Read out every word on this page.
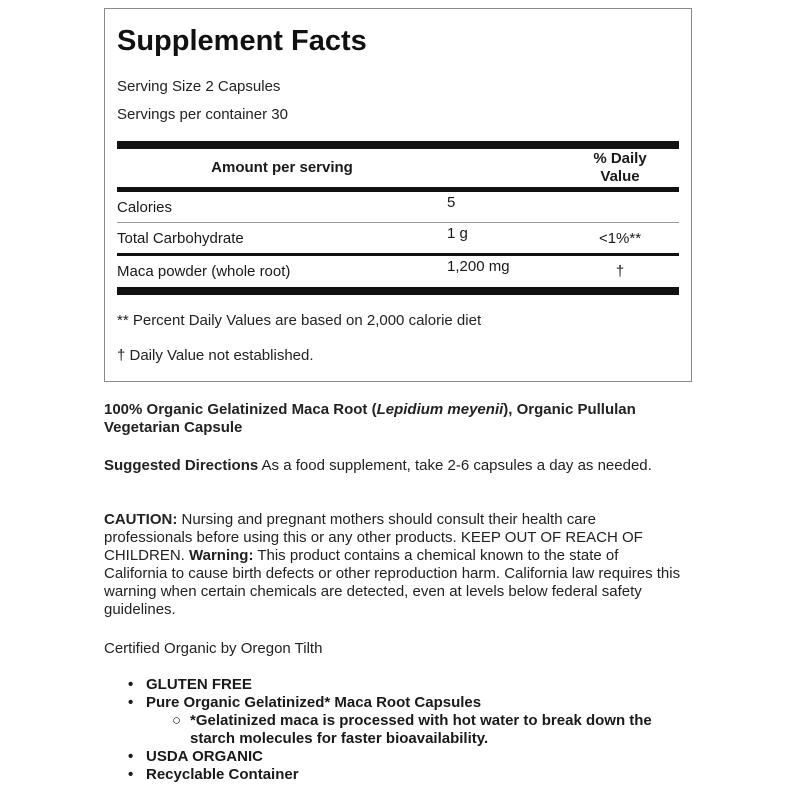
Supplement Facts
Serving Size 2 Capsules
Servings per container 30
Amount per serving
% Daily
Value
Calories	5
Total Carbohydrate	1 g	<1%**
Maca powder (whole root)	1,200 mg	†
** Percent Daily Values are based on 2,000 calorie diet
† Daily Value not established.
100% Organic Gelatinized Maca Root (Lepidium meyenii), Organic Pullulan Vegetarian Capsule
Suggested Directions As a food supplement, take 2-6 capsules a day as needed.
CAUTION: Nursing and pregnant mothers should consult their health care professionals before using this or any other products. KEEP OUT OF REACH OF CHILDREN. Warning: This product contains a chemical known to the state of California to cause birth defects or other reproduction harm. California law requires this warning when certain chemicals are detected, even at levels below federal safety guidelines.
Certified Organic by Oregon Tilth
• GLUTEN FREE
• Pure Organic Gelatinized* Maca Root Capsules
○ *Gelatinized maca is processed with hot water to break down the starch molecules for faster bioavailability.
• USDA ORGANIC
• Recyclable Container
